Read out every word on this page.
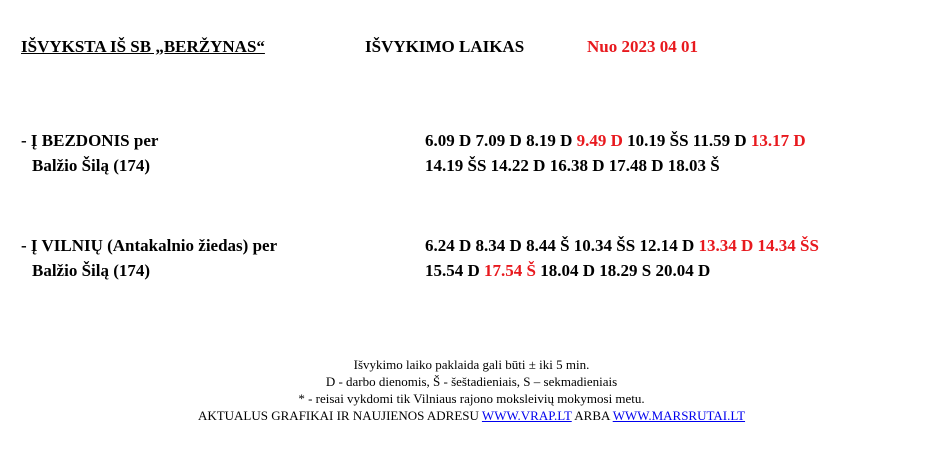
IŠVYKSTA IŠ SB „BERŽYNAS“	IŠVYKIMO LAIKAS	Nuo 2023 04 01
- Į BEZDONIS per
Balžio Šilą (174)
6.09 D 7.09 D 8.19 D 9.49 D 10.19 ŠS 11.59 D 13.17 D
14.19 ŠS 14.22 D 16.38 D 17.48 D 18.03 Š
- Į VILNIŲ (Antakalnio žiedas) per
Balžio Šilą (174)
6.24 D 8.34 D 8.44 Š 10.34 ŠS 12.14 D 13.34 D 14.34 ŠS
15.54 D 17.54 Š 18.04 D 18.29 S 20.04 D
Išvykimo laiko paklaida gali būti ± iki 5 min.
D - darbo dienomis, Š - šeštadieniais, S – sekmadieniais
* - reisai vykdomi tik Vilniaus rajono moksleivių mokymosi metu.
AKTUALUS GRAFIKAI IR NAUJIENOS ADRESU WWW.VRAP.LT ARBA WWW.MARSRUTAI.LT
